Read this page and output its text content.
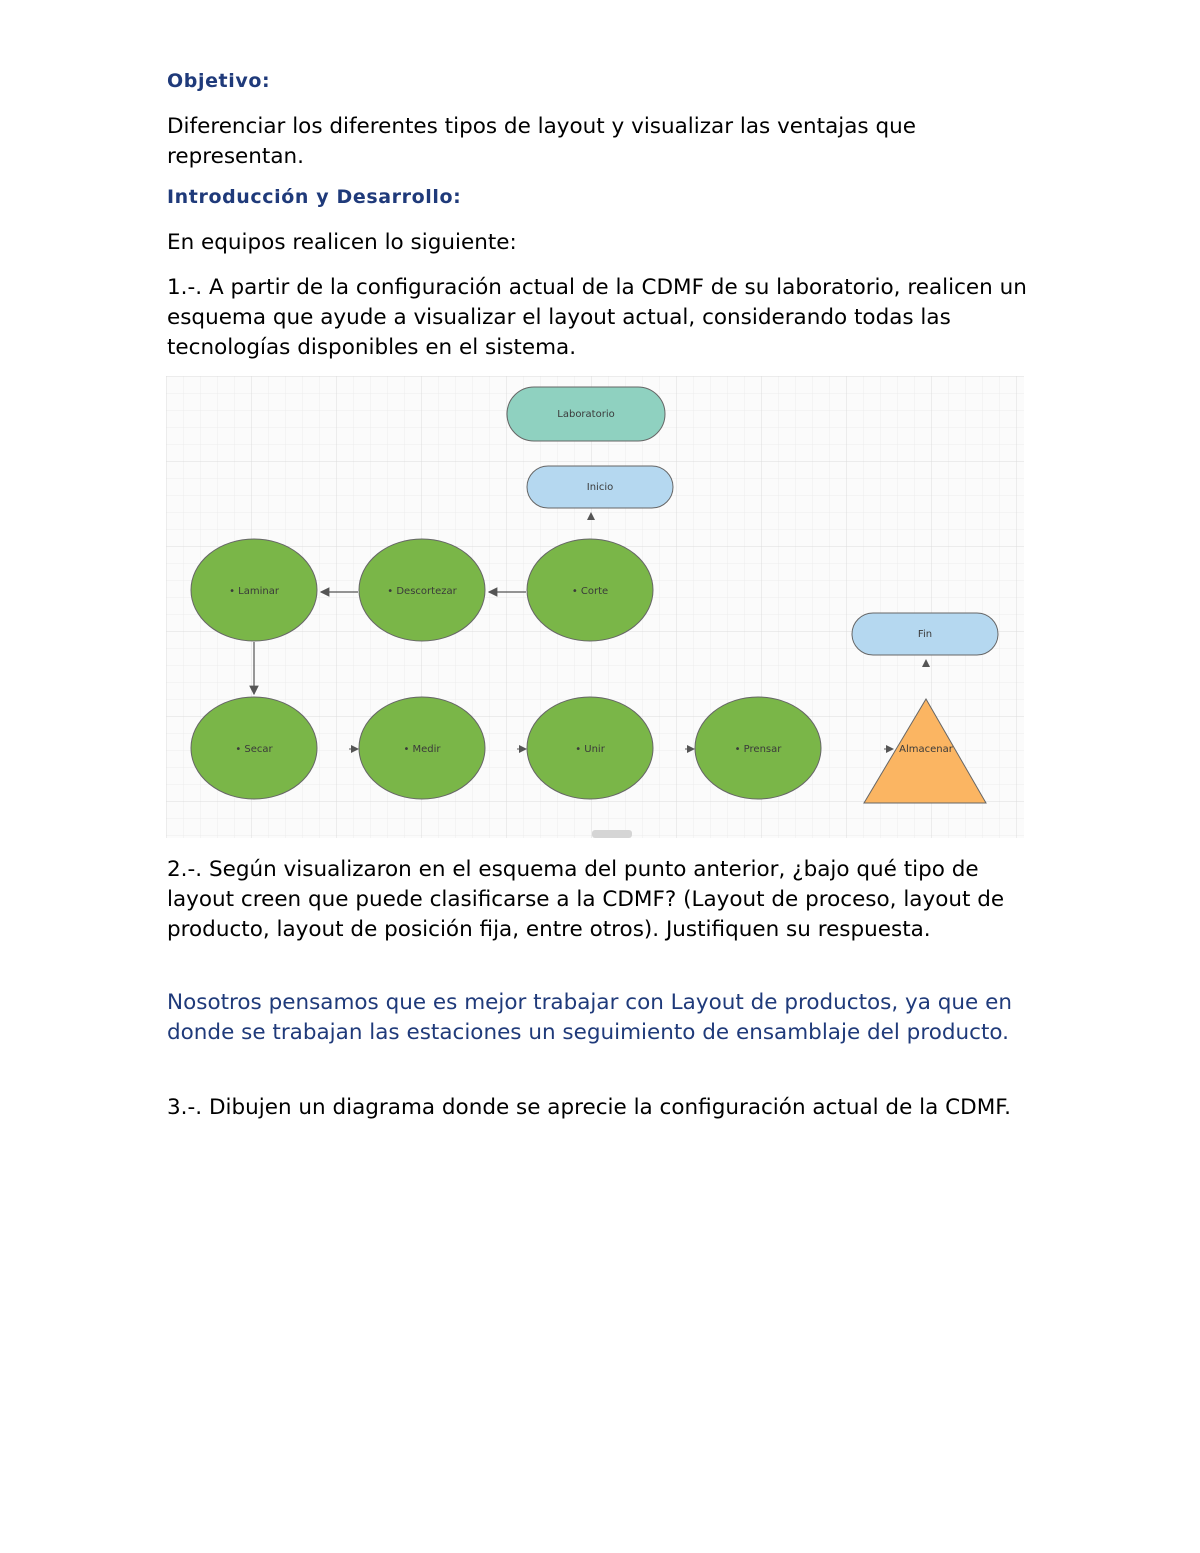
Objetivo:

Diferenciar los diferentes tipos de layout y visualizar las ventajas que representan.

Introducción y Desarrollo:

En equipos realicen lo siguiente:

1.-. A partir de la configuración actual de la CDMF de su laboratorio, realicen un esquema que ayude a visualizar el layout actual, considerando todas las tecnologías disponibles en el sistema.

Laboratorio
Inicio
• Laminar	• Descortezar	• Corte
Fin
• Secar	• Medir	• Unir	• Prensar	Almacenar

2.-. Según visualizaron en el esquema del punto anterior, ¿bajo qué tipo de layout creen que puede clasificarse a la CDMF? (Layout de proceso, layout de producto, layout de posición fija, entre otros). Justifiquen su respuesta.

Nosotros pensamos que es mejor trabajar con Layout de productos, ya que en donde se trabajan las estaciones un seguimiento de ensamblaje del producto.

3.-. Dibujen un diagrama donde se aprecie la configuración actual de la CDMF.
